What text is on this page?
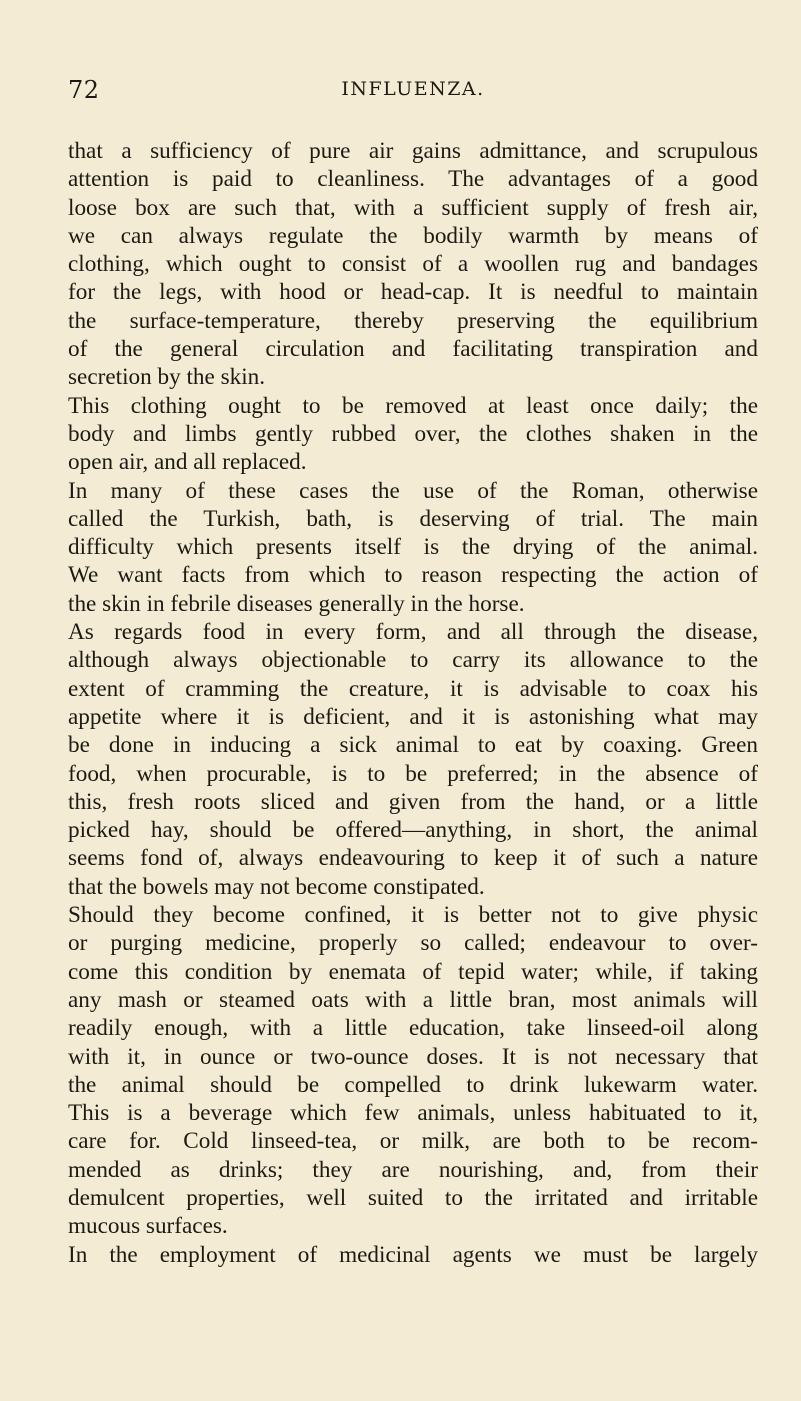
72	INFLUENZA.
that a sufficiency of pure air gains admittance, and scrupulous
attention is paid to cleanliness. The advantages of a good
loose box are such that, with a sufficient supply of fresh air,
we can always regulate the bodily warmth by means of
clothing, which ought to consist of a woollen rug and bandages
for the legs, with hood or head-cap. It is needful to maintain
the surface-temperature, thereby preserving the equilibrium
of the general circulation and facilitating transpiration and
secretion by the skin.
This clothing ought to be removed at least once daily; the
body and limbs gently rubbed over, the clothes shaken in the
open air, and all replaced.
In many of these cases the use of the Roman, otherwise
called the Turkish, bath, is deserving of trial. The main
difficulty which presents itself is the drying of the animal.
We want facts from which to reason respecting the action of
the skin in febrile diseases generally in the horse.
As regards food in every form, and all through the disease,
although always objectionable to carry its allowance to the
extent of cramming the creature, it is advisable to coax his
appetite where it is deficient, and it is astonishing what may
be done in inducing a sick animal to eat by coaxing. Green
food, when procurable, is to be preferred; in the absence of
this, fresh roots sliced and given from the hand, or a little
picked hay, should be offered—anything, in short, the animal
seems fond of, always endeavouring to keep it of such a nature
that the bowels may not become constipated.
Should they become confined, it is better not to give physic
or purging medicine, properly so called; endeavour to over-
come this condition by enemata of tepid water; while, if taking
any mash or steamed oats with a little bran, most animals will
readily enough, with a little education, take linseed-oil along
with it, in ounce or two-ounce doses. It is not necessary that
the animal should be compelled to drink lukewarm water.
This is a beverage which few animals, unless habituated to it,
care for. Cold linseed-tea, or milk, are both to be recom-
mended as drinks; they are nourishing, and, from their
demulcent properties, well suited to the irritated and irritable
mucous surfaces.
In the employment of medicinal agents we must be largely
